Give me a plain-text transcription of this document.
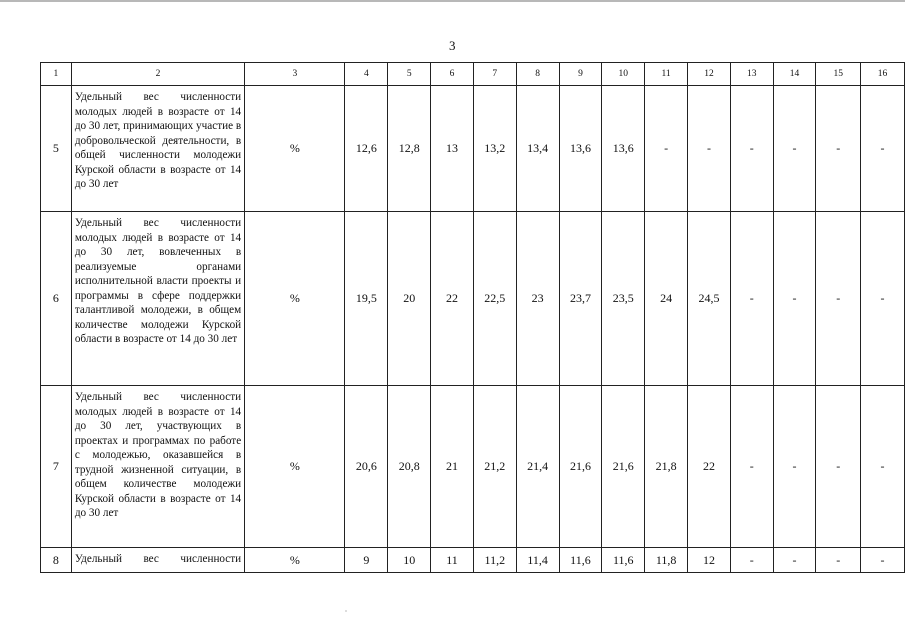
3
1	2	3	4	5	6	7	8	9	10	11	12	13	14	15	16
5	Удельный вес численности молодых людей в возрасте от 14 до 30 лет, принимающих участие в добровольческой деятельности, в общей численности молодежи Курской области в возрасте от 14 до 30 лет	%	12,6	12,8	13	13,2	13,4	13,6	13,6	-	-	-	-	-	-
6	Удельный вес численности молодых людей в возрасте от 14 до 30 лет, вовлеченных в реализуемые органами исполнительной власти проекты и программы в сфере поддержки талантливой молодежи, в общем количестве молодежи Курской области в возрасте от 14 до 30 лет	%	19,5	20	22	22,5	23	23,7	23,5	24	24,5	-	-	-	-
7	Удельный вес численности молодых людей в возрасте от 14 до 30 лет, участвующих в проектах и программах по работе с молодежью, оказавшейся в трудной жизненной ситуации, в общем количестве молодежи Курской области в возрасте от 14 до 30 лет	%	20,6	20,8	21	21,2	21,4	21,6	21,6	21,8	22	-	-	-	-
8	Удельный вес численности	%	9	10	11	11,2	11,4	11,6	11,6	11,8	12	-	-	-	-
